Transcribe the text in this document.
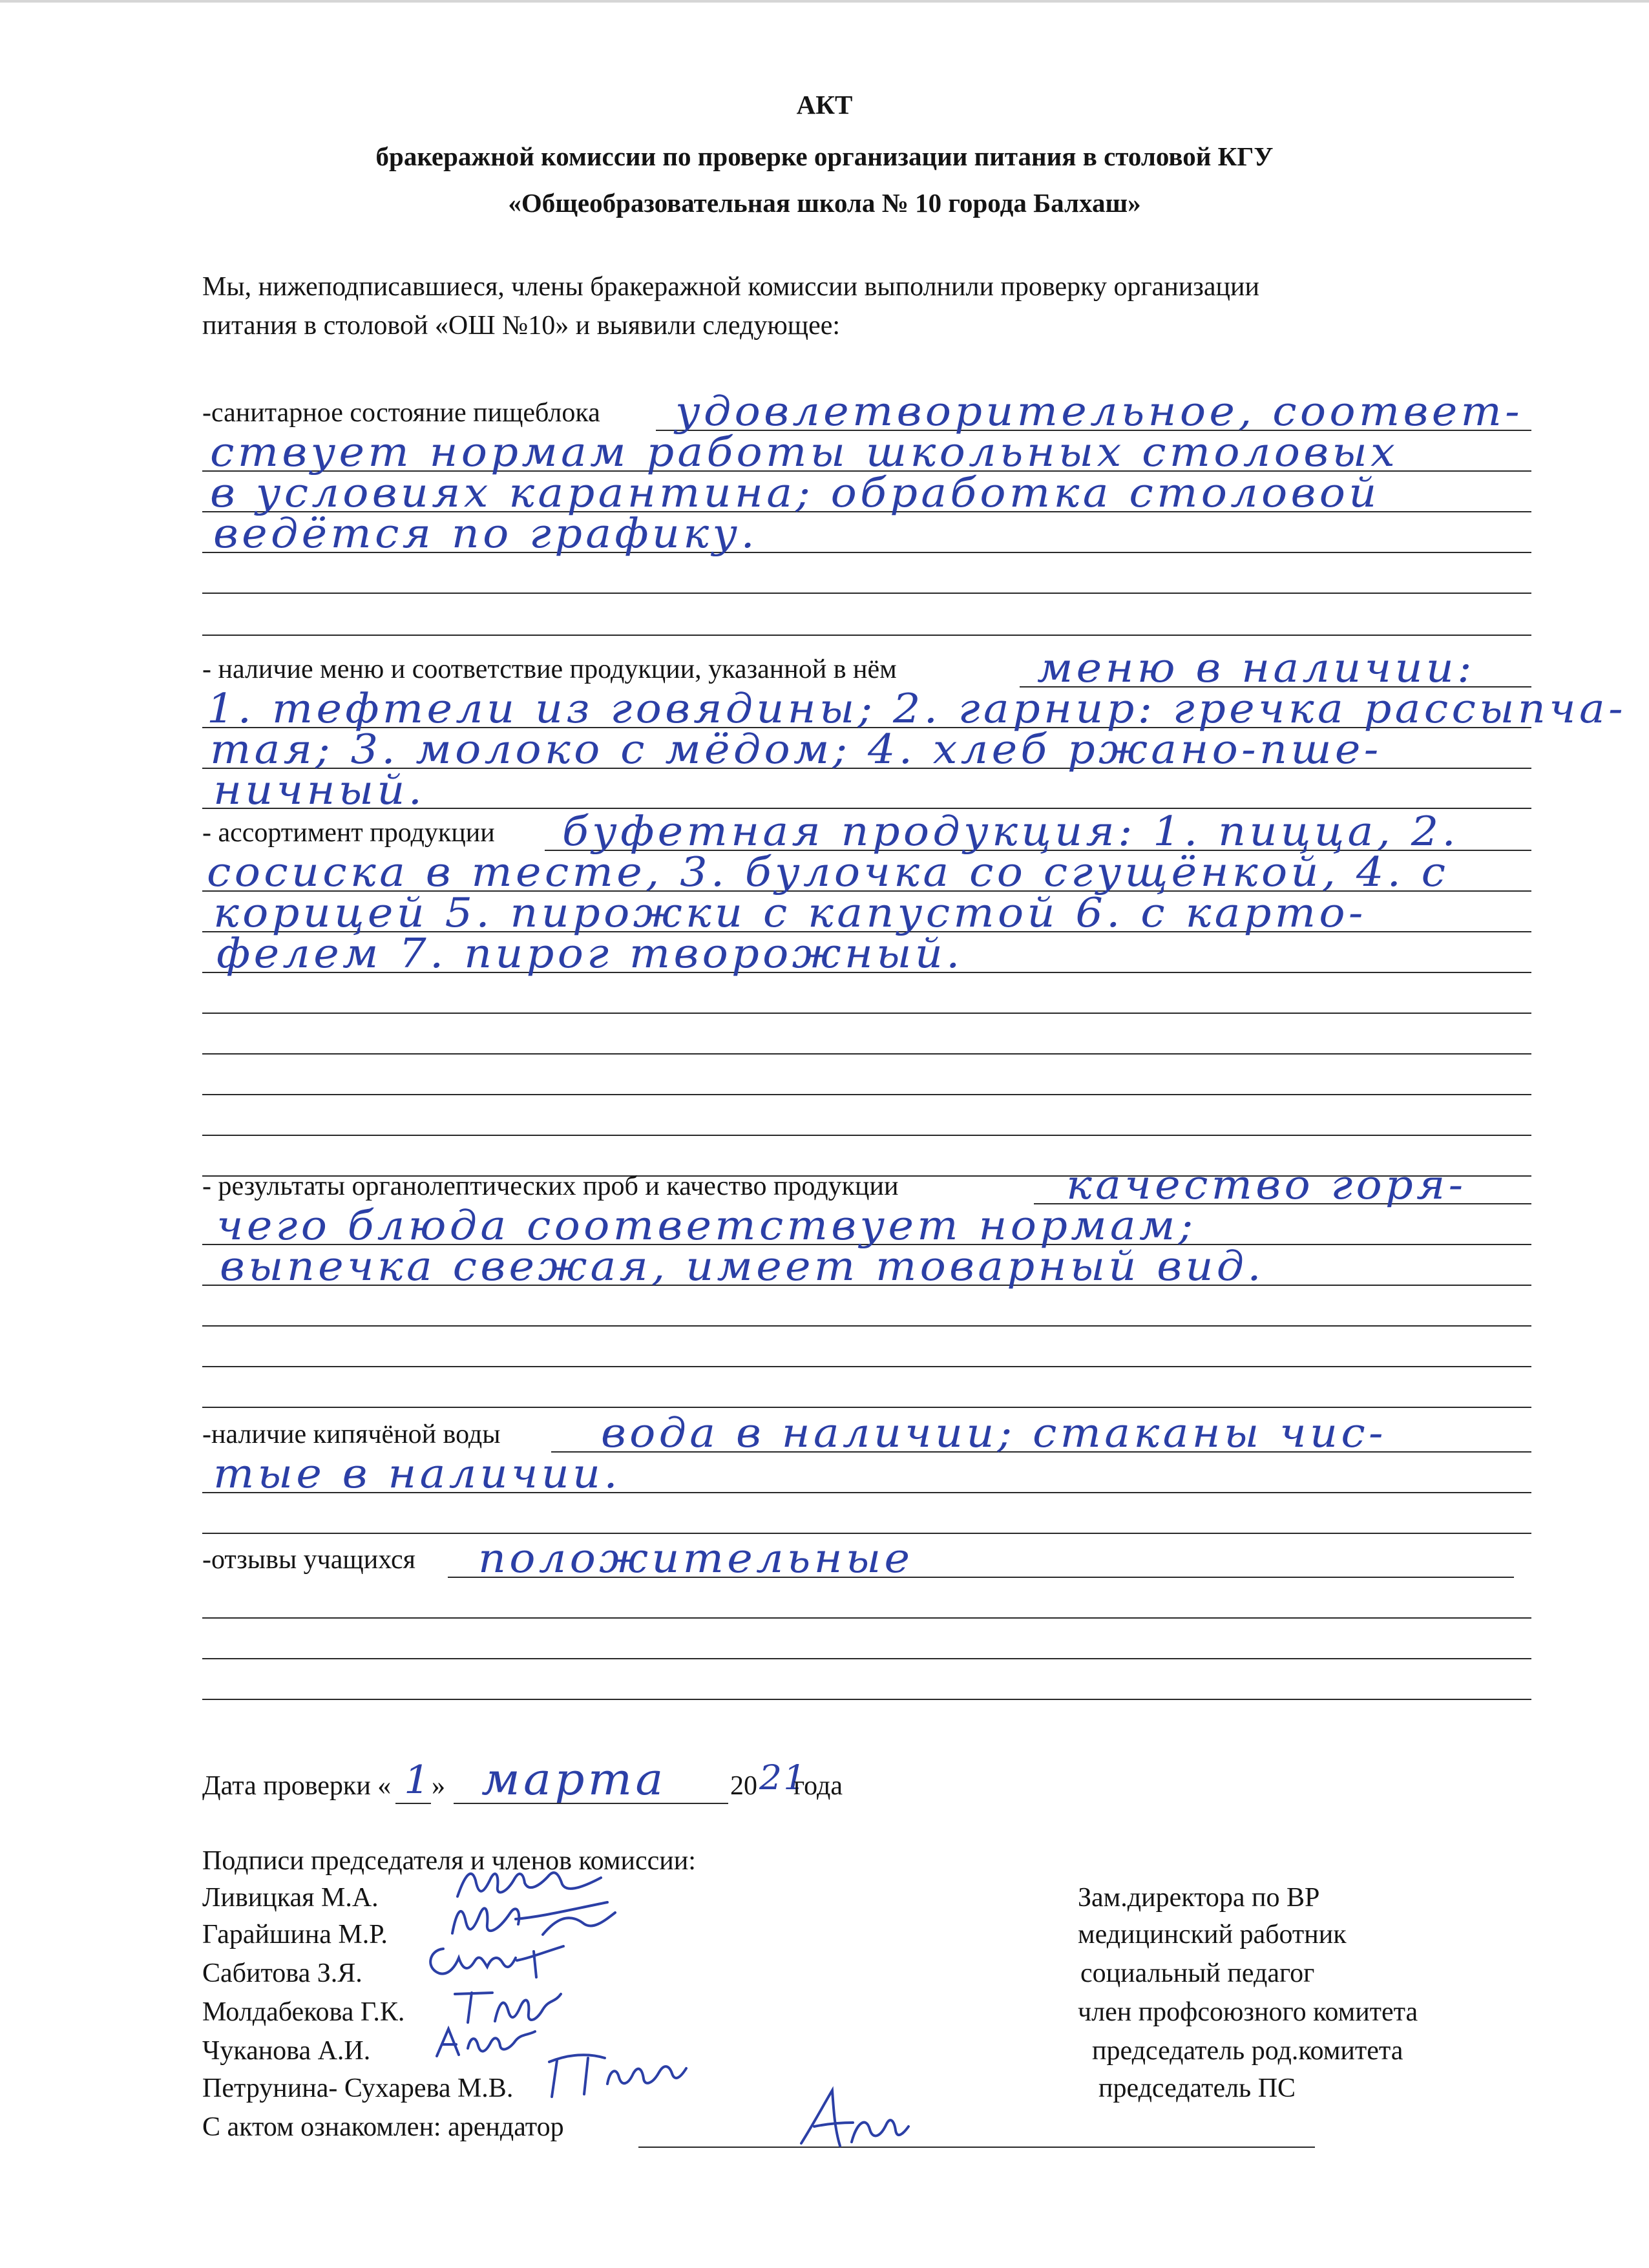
АКТ
бракеражной комиссии по проверке организации питания в столовой КГУ
«Общеобразовательная школа № 10 города Балхаш»
Мы, нижеподписавшиеся, члены бракеражной комиссии выполнили проверку организации
питания в столовой «ОШ №10» и выявили следующее:
-санитарное состояние пищеблока удовлетворительное, соответ-
ствует нормам работы школьных столовых
в условиях карантина; обработка столовой
ведётся по графику.
- наличие меню и соответствие продукции, указанной в нём	меню в наличии:
1. тефтели из говядины; 2. гарнир: гречка рассыпча-
тая; 3. молоко с мёдом; 4. хлеб ржано-пше-
ничный.
- ассортимент продукции буфетная продукция: 1. пицца, 2.
сосиска в тесте, 3. булочка со сгущёнкой, 4. с
корицей 5. пирожки с капустой 6. с карто-
фелем 7. пирог творожный.
- результаты органолептических проб и качество продукции	качество горя-
чего блюда соответствует нормам;
выпечка свежая, имеет товарный вид.
-наличие кипячёной воды вода в наличии; стаканы чис-
тые в наличии.
-отзывы учащихся положительные
Дата проверки « 1
» марта 20 21
года
Подписи председателя и членов комиссии:
Ливицкая М.А.	Зам.директора по ВР
Гарайшина М.Р.	медицинский работник
Сабитова З.Я.	социальный педагог
Молдабекова Г.К.	член профсоюзного комитета
Чуканова А.И.	председатель род.комитета
Петрунина- Сухарева М.В.	председатель ПС
С актом ознакомлен: арендатор
